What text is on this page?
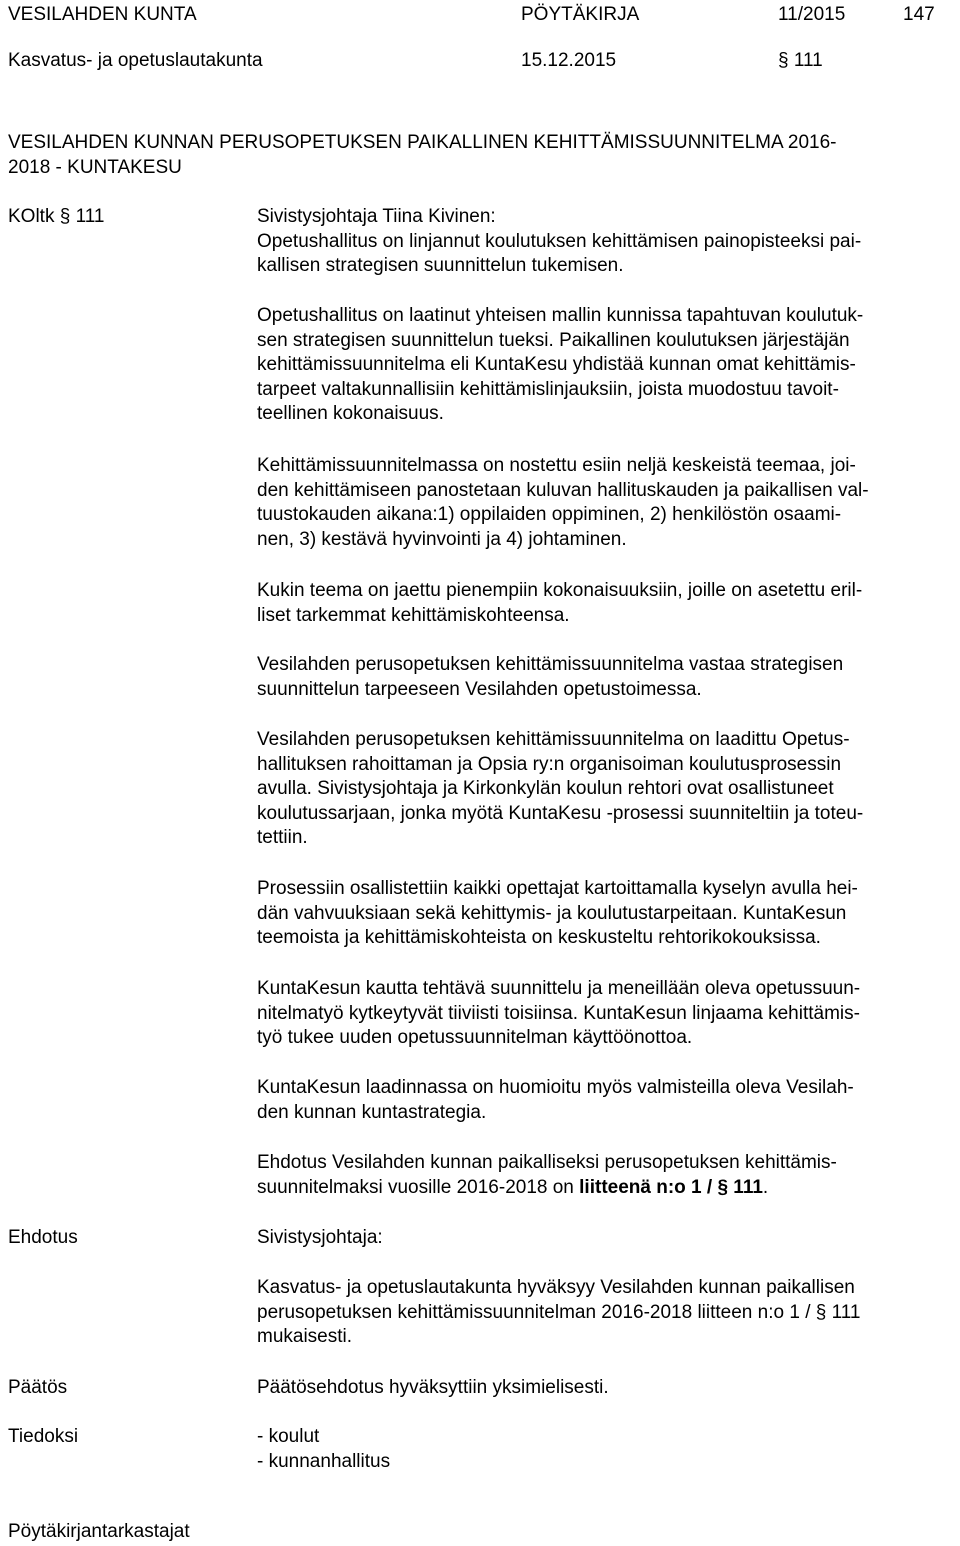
VESILAHDEN KUNTA	PÖYTÄKIRJA	11/2015	147
Kasvatus- ja opetuslautakunta	15.12.2015	§ 111
VESILAHDEN KUNNAN PERUSOPETUKSEN PAIKALLINEN KEHITTÄMISSUUNNITELMA 2016-
2018 - KUNTAKESU
KOltk § 111	Sivistysjohtaja Tiina Kivinen:
Opetushallitus on linjannut koulutuksen kehittämisen painopisteeksi pai-
kallisen strategisen suunnittelun tukemisen.
Opetushallitus on laatinut yhteisen mallin kunnissa tapahtuvan koulutuk-
sen strategisen suunnittelun tueksi. Paikallinen koulutuksen järjestäjän
kehittämissuunnitelma eli KuntaKesu yhdistää kunnan omat kehittämis-
tarpeet valtakunnallisiin kehittämislinjauksiin, joista muodostuu tavoit-
teellinen kokonaisuus.
Kehittämissuunnitelmassa on nostettu esiin neljä keskeistä teemaa, joi-
den kehittämiseen panostetaan kuluvan hallituskauden ja paikallisen val-
tuustokauden aikana:1) oppilaiden oppiminen, 2) henkilöstön osaami-
nen, 3) kestävä hyvinvointi ja 4) johtaminen.
Kukin teema on jaettu pienempiin kokonaisuuksiin, joille on asetettu eril-
liset tarkemmat kehittämiskohteensa.
Vesilahden perusopetuksen kehittämissuunnitelma vastaa strategisen
suunnittelun tarpeeseen Vesilahden opetustoimessa.
Vesilahden perusopetuksen kehittämissuunnitelma on laadittu Opetus-
hallituksen rahoittaman ja Opsia ry:n organisoiman koulutusprosessin
avulla. Sivistysjohtaja ja Kirkonkylän koulun rehtori ovat osallistuneet
koulutussarjaan, jonka myötä KuntaKesu -prosessi suunniteltiin ja toteu-
tettiin.
Prosessiin osallistettiin kaikki opettajat kartoittamalla kyselyn avulla hei-
dän vahvuuksiaan sekä kehittymis- ja koulutustarpeitaan. KuntaKesun
teemoista ja kehittämiskohteista on keskusteltu rehtorikokouksissa.
KuntaKesun kautta tehtävä suunnittelu ja meneillään oleva opetussuun-
nitelmatyö kytkeytyvät tiiviisti toisiinsa. KuntaKesun linjaama kehittämis-
työ tukee uuden opetussuunnitelman käyttöönottoa.
KuntaKesun laadinnassa on huomioitu myös valmisteilla oleva Vesilah-
den kunnan kuntastrategia.
Ehdotus Vesilahden kunnan paikalliseksi perusopetuksen kehittämis-
suunnitelmaksi vuosille 2016-2018 on liitteenä n:o 1 / § 111.
Ehdotus	Sivistysjohtaja:
Kasvatus- ja opetuslautakunta hyväksyy Vesilahden kunnan paikallisen
perusopetuksen kehittämissuunnitelman 2016-2018 liitteen n:o 1 / § 111
mukaisesti.
Päätös	Päätösehdotus hyväksyttiin yksimielisesti.
Tiedoksi	- koulut
- kunnanhallitus
Pöytäkirjantarkastajat
